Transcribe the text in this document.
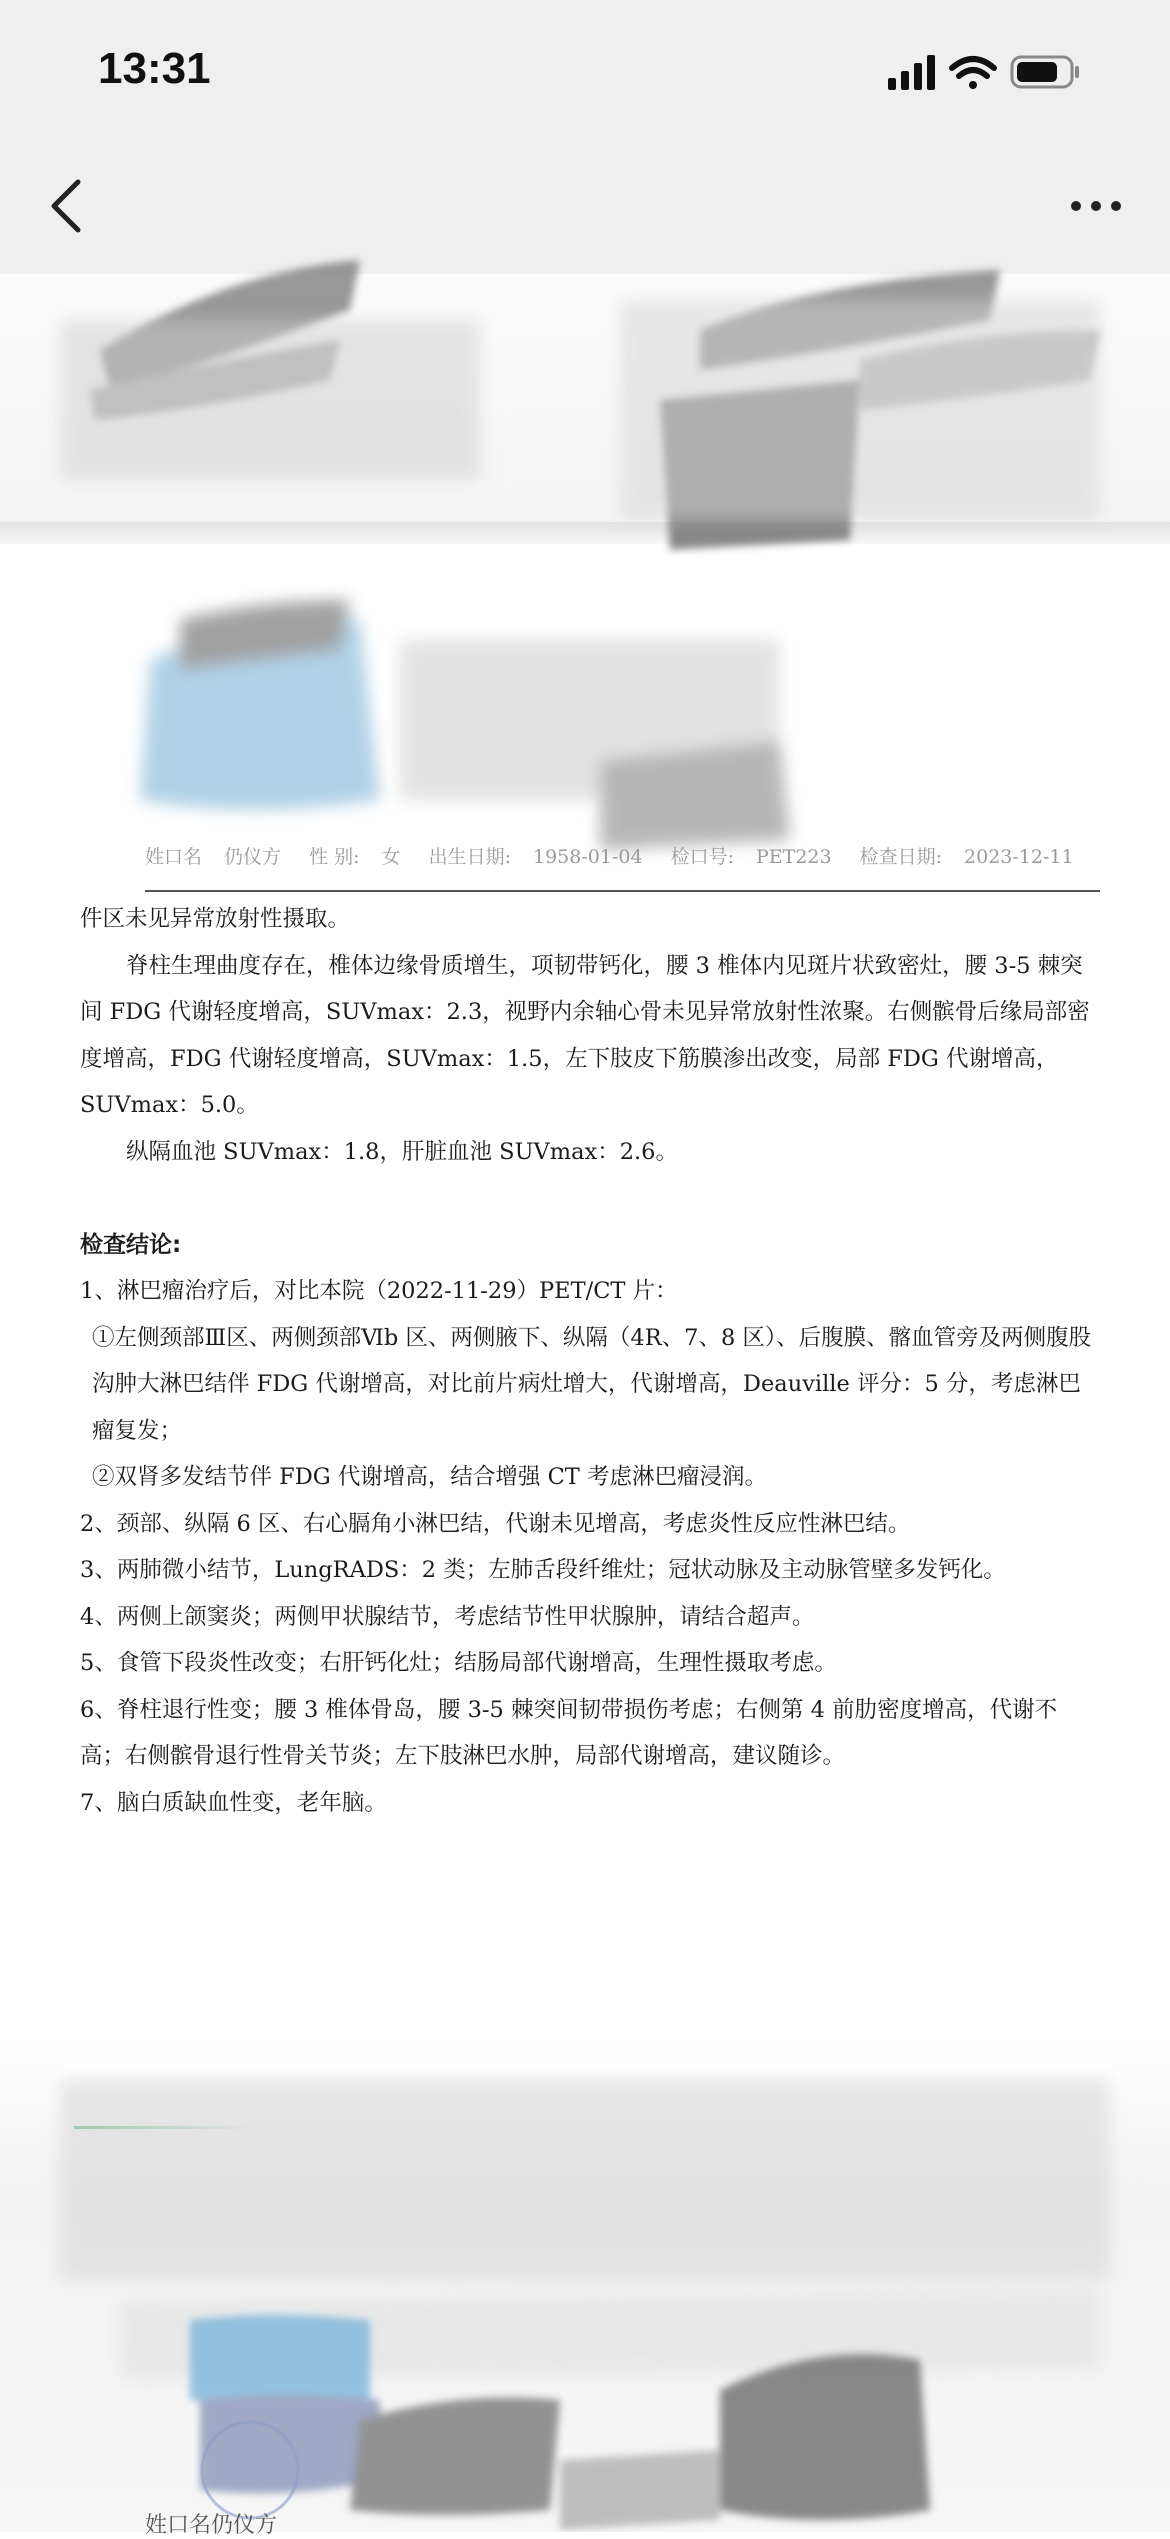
13:31
姓口名 仍仪方 性 别: 女 出生日期: 1958-01-04 检口号: PET223 检查日期: 2023-12-11

件区未见异常放射性摄取。

脊柱生理曲度存在，椎体边缘骨质增生，项韧带钙化，腰 3 椎体内见斑片状致密灶，腰 3-5 棘突间 FDG 代谢轻度增高，SUVmax：2.3，视野内余轴心骨未见异常放射性浓聚。右侧髌骨后缘局部密度增高，FDG 代谢轻度增高，SUVmax：1.5，左下肢皮下筋膜渗出改变，局部 FDG 代谢增高，SUVmax：5.0。

纵隔血池 SUVmax：1.8，肝脏血池 SUVmax：2.6。

检查结论:

1、淋巴瘤治疗后，对比本院（2022-11-29）PET/CT 片：

①左侧颈部Ⅲ区、两侧颈部Ⅵb 区、两侧腋下、纵隔（4R、7、8 区）、后腹膜、髂血管旁及两侧腹股沟肿大淋巴结伴 FDG 代谢增高，对比前片病灶增大，代谢增高，Deauville 评分：5 分，考虑淋巴瘤复发；

②双肾多发结节伴 FDG 代谢增高，结合增强 CT 考虑淋巴瘤浸润。

2、颈部、纵隔 6 区、右心膈角小淋巴结，代谢未见增高，考虑炎性反应性淋巴结。

3、两肺微小结节，LungRADS：2 类；左肺舌段纤维灶；冠状动脉及主动脉管壁多发钙化。

4、两侧上颌窦炎；两侧甲状腺结节，考虑结节性甲状腺肿，请结合超声。

5、食管下段炎性改变；右肝钙化灶；结肠局部代谢增高，生理性摄取考虑。

6、脊柱退行性变；腰 3 椎体骨岛，腰 3-5 棘突间韧带损伤考虑；右侧第 4 前肋密度增高，代谢不高；右侧髌骨退行性骨关节炎；左下肢淋巴水肿，局部代谢增高，建议随诊。

7、脑白质缺血性变，老年脑。

姓口名仍仪方
